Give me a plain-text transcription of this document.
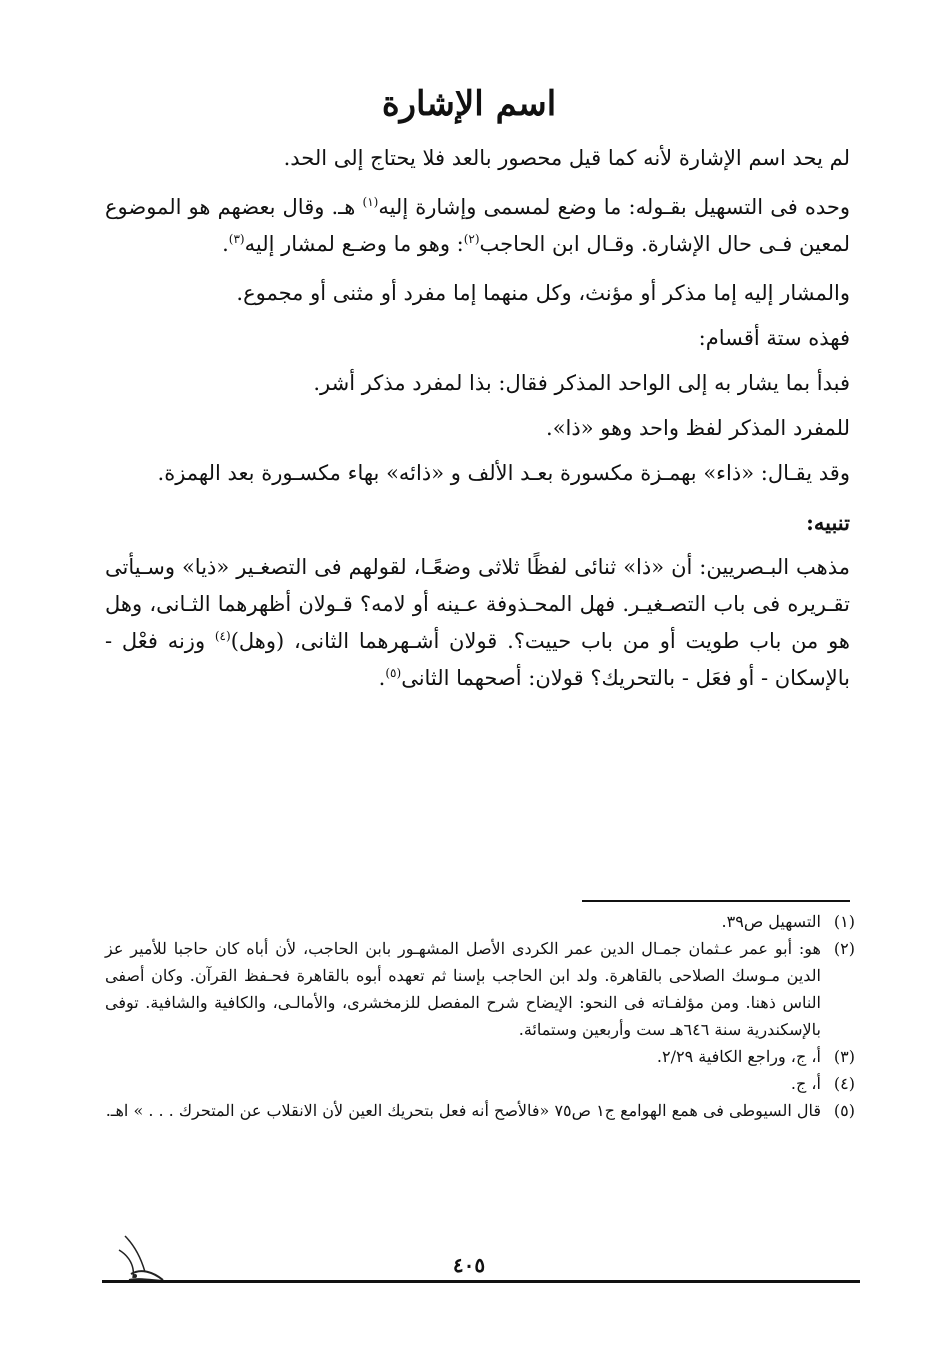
اسم الإشارة

لم يحد اسم الإشارة لأنه كما قيل محصور بالعد فلا يحتاج إلى الحد.

وحده فى التسهيل بقـوله: ما وضع لمسمى وإشارة إليه$^{(١)}$ هـ. وقال بعضهم هو الموضوع لمعين فـى حال الإشارة. وقـال ابن الحاجب$^{(٢)}$: وهو ما وضـع لمشار إليه$^{(٣)}$.

والمشار إليه إما مذكر أو مؤنث، وكل منهما إما مفرد أو مثنى أو مجموع.

فهذه ستة أقسام:

فبدأ بما يشار به إلى الواحد المذكر فقال: بذا لمفرد مذكر أشر.

للمفرد المذكر لفظ واحد وهو «ذا».

وقد يقـال: «ذاء» بهمـزة مكسورة بعـد الألف و «ذائه» بهاء مكسـورة بعد الهمزة.

تنبيه:

مذهب البـصريين: أن «ذا» ثنائى لفظًا ثلاثى وضعًـا، لقولهم فى التصغـير «ذيا» وسـيأتى تقـريره فى باب التصـغيـر. فهل المحـذوفة عـينه أو لامه؟ قـولان أظهرهما الثـانى، وهل هو من باب طويت أو من باب حييت؟. قولان أشـهرهما الثانى، (وهل)$^{(٤)}$ وزنه فعْل - بالإسكان - أو فعَل - بالتحريك؟ قولان: أصحهما الثانى$^{(٥)}$.

(١)
التسهيل ص٣٩.

(٢)
هو: أبو عمر عـثمان جمـال الدين عمر الكردى الأصل المشهـور بابن الحاجب، لأن أباه كان حاجبا للأمير عز الدين مـوسك الصلاحى بالقاهرة. ولد ابن الحاجب بإسنا ثم تعهده أبوه بالقاهرة فحـفظ القرآن. وكان أصفى الناس ذهنا. ومن مؤلفـاته فى النحو: الإيضاح شرح المفصل للزمخشرى، والأمالـى، والكافية والشافية. توفى بالإسكندرية سنة ٦٤٦هـ ست وأربعين وستمائة.

(٣)
أ، ج، وراجع الكافية ٢/٢٩.

(٤)
أ، ج.

(٥)
قال السيوطى فى همع الهوامع ج١ ص٧٥ «فالأصح أنه فعل بتحريك العين لأن الانقلاب عن المتحرك . . . » اهـ.

٤٠٥
